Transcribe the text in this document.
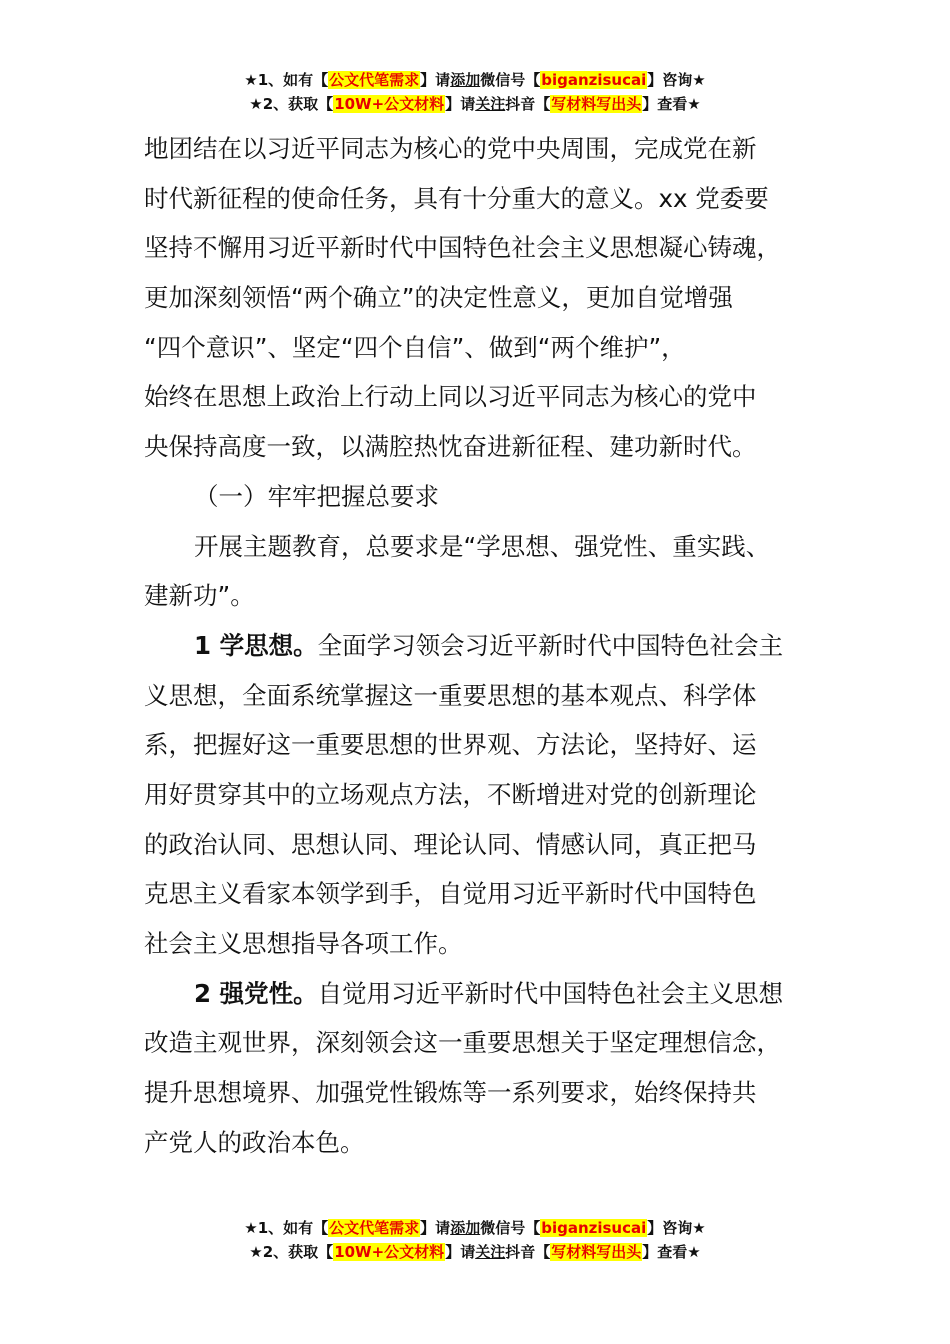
★1、如有【公文代笔需求】请添加微信号【biganzisucai】咨询★
★2、获取【10W+公文材料】请关注抖音【写材料写出头】查看★
地团结在以习近平同志为核心的党中央周围，完成党在新
时代新征程的使命任务，具有十分重大的意义。xx 党委要
坚持不懈用习近平新时代中国特色社会主义思想凝心铸魂，
更加深刻领悟“两个确立”的决定性意义，更加自觉增强
“四个意识”、坚定“四个自信”、做到“两个维护”，
始终在思想上政治上行动上同以习近平同志为核心的党中
央保持高度一致，以满腔热忱奋进新征程、建功新时代。
（一）牢牢把握总要求
开展主题教育，总要求是“学思想、强党性、重实践、
建新功”。
1 学思想。全面学习领会习近平新时代中国特色社会主
义思想，全面系统掌握这一重要思想的基本观点、科学体
系，把握好这一重要思想的世界观、方法论，坚持好、运
用好贯穿其中的立场观点方法，不断增进对党的创新理论
的政治认同、思想认同、理论认同、情感认同，真正把马
克思主义看家本领学到手，自觉用习近平新时代中国特色
社会主义思想指导各项工作。
2 强党性。自觉用习近平新时代中国特色社会主义思想
改造主观世界，深刻领会这一重要思想关于坚定理想信念，
提升思想境界、加强党性锻炼等一系列要求，始终保持共
产党人的政治本色。
★1、如有【公文代笔需求】请添加微信号【biganzisucai】咨询★
★2、获取【10W+公文材料】请关注抖音【写材料写出头】查看★
